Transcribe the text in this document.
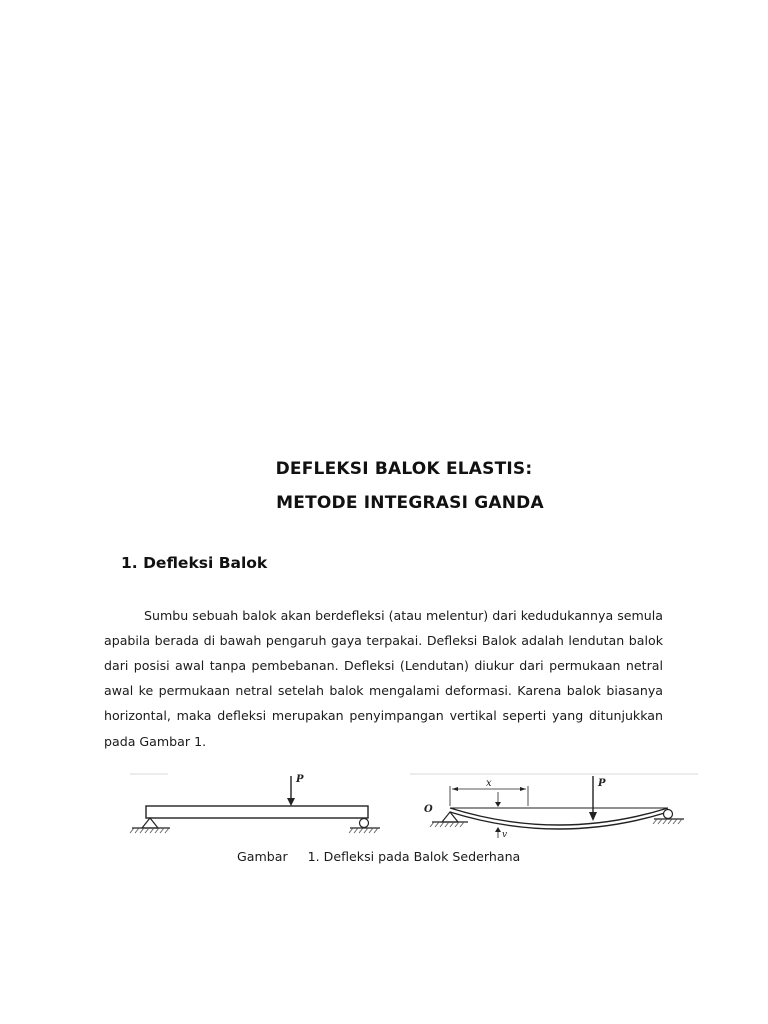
DEFLEKSI BALOK ELASTIS:
METODE INTEGRASI GANDA
1. Defleksi Balok

Sumbu sebuah balok akan berdefleksi (atau melentur) dari kedudukannya semula apabila berada di bawah pengaruh gaya terpakai. Defleksi Balok adalah lendutan balok dari posisi awal tanpa pembebanan. Defleksi (Lendutan) diukur dari permukaan netral awal ke permukaan netral setelah balok mengalami deformasi. Karena balok biasanya horizontal, maka defleksi merupakan penyimpangan vertikal seperti yang ditunjukkan pada Gambar 1.

P	x
v
P
O
Gambar     1. Defleksi pada Balok Sederhana
